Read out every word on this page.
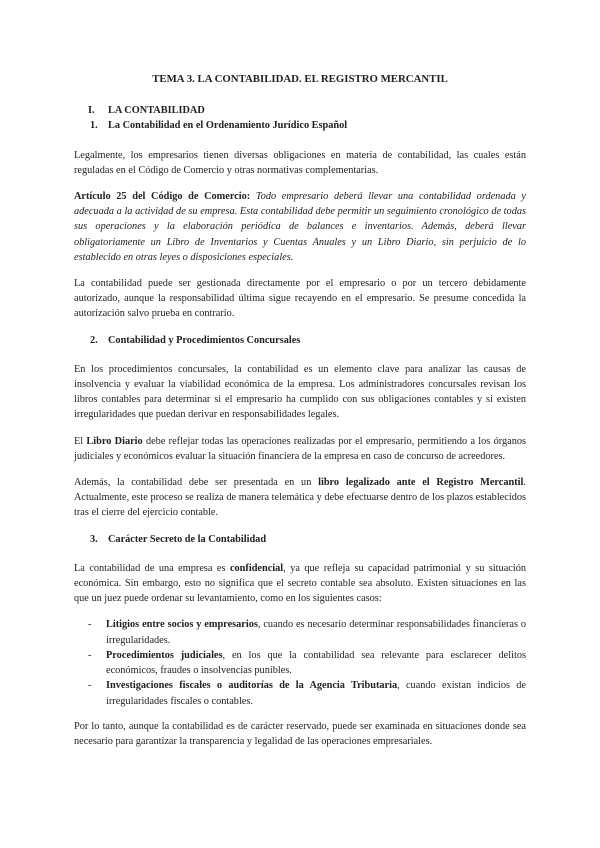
TEMA 3. LA CONTABILIDAD. EL REGISTRO MERCANTIL
I.	LA CONTABILIDAD
1. La Contabilidad en el Ordenamiento Jurídico Español

Legalmente, los empresarios tienen diversas obligaciones en materia de contabilidad, las cuales están reguladas en el Código de Comercio y otras normativas complementarias.

Artículo 25 del Código de Comercio: Todo empresario deberá llevar una contabilidad ordenada y adecuada a la actividad de su empresa. Esta contabilidad debe permitir un seguimiento cronológico de todas sus operaciones y la elaboración periódica de balances e inventarios. Además, deberá llevar obligatoriamente un Libro de Inventarios y Cuentas Anuales y un Libro Diario, sin perjuicio de lo establecido en otras leyes o disposiciones especiales.

La contabilidad puede ser gestionada directamente por el empresario o por un tercero debidamente autorizado, aunque la responsabilidad última sigue recayendo en el empresario. Se presume concedida la autorización salvo prueba en contrario.

2. Contabilidad y Procedimientos Concursales

En los procedimientos concursales, la contabilidad es un elemento clave para analizar las causas de insolvencia y evaluar la viabilidad económica de la empresa. Los administradores concursales revisan los libros contables para determinar si el empresario ha cumplido con sus obligaciones contables y si existen irregularidades que puedan derivar en responsabilidades legales.

El Libro Diario debe reflejar todas las operaciones realizadas por el empresario, permitiendo a los órganos judiciales y económicos evaluar la situación financiera de la empresa en caso de concurso de acreedores.

Además, la contabilidad debe ser presentada en un libro legalizado ante el Registro Mercantil. Actualmente, este proceso se realiza de manera telemática y debe efectuarse dentro de los plazos establecidos tras el cierre del ejercicio contable.

3. Carácter Secreto de la Contabilidad

La contabilidad de una empresa es confidencial, ya que refleja su capacidad patrimonial y su situación económica. Sin embargo, esto no significa que el secreto contable sea absoluto. Existen situaciones en las que un juez puede ordenar su levantamiento, como en los siguientes casos:

-	Litigios entre socios y empresarios, cuando es necesario determinar responsabilidades financieras o irregularidades.
-	Procedimientos judiciales, en los que la contabilidad sea relevante para esclarecer delitos económicos, fraudes o insolvencias punibles.
-	Investigaciones fiscales o auditorías de la Agencia Tributaria, cuando existan indicios de irregularidades fiscales o contables.

Por lo tanto, aunque la contabilidad es de carácter reservado, puede ser examinada en situaciones donde sea necesario para garantizar la transparencia y legalidad de las operaciones empresariales.
